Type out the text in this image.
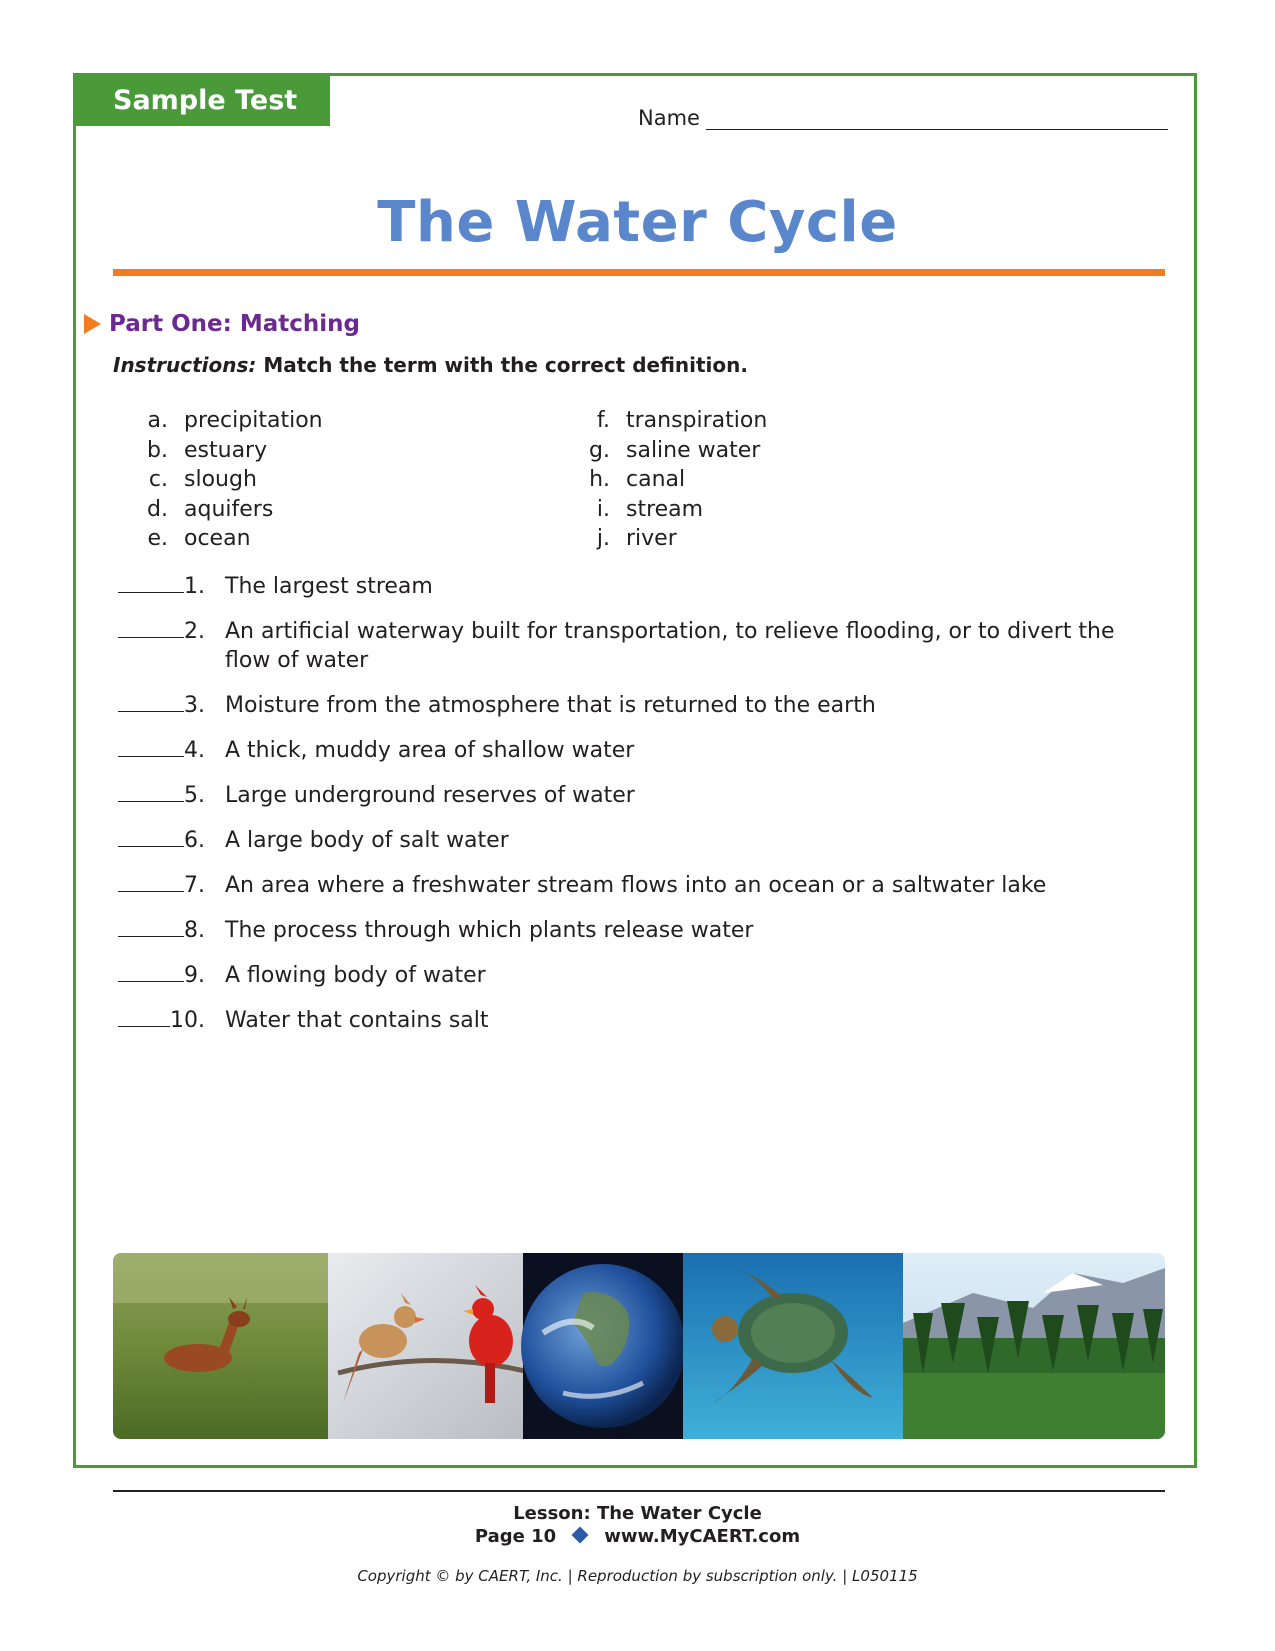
Sample Test
Name
The Water Cycle
Part One: Matching
Instructions: Match the term with the correct definition.
a. precipitation
b. estuary
c. slough
d. aquifers
e. ocean
f. transpiration
g. saline water
h. canal
i. stream
j. river
1. The largest stream
2. An artificial waterway built for transportation, to relieve flooding, or to divert the flow of water
3. Moisture from the atmosphere that is returned to the earth
4. A thick, muddy area of shallow water
5. Large underground reserves of water
6. A large body of salt water
7. An area where a freshwater stream flows into an ocean or a saltwater lake
8. The process through which plants release water
9. A flowing body of water
10. Water that contains salt
Lesson: The Water Cycle
Page 10	www.MyCAERT.com
Copyright © by CAERT, Inc. | Reproduction by subscription only. | L050115
